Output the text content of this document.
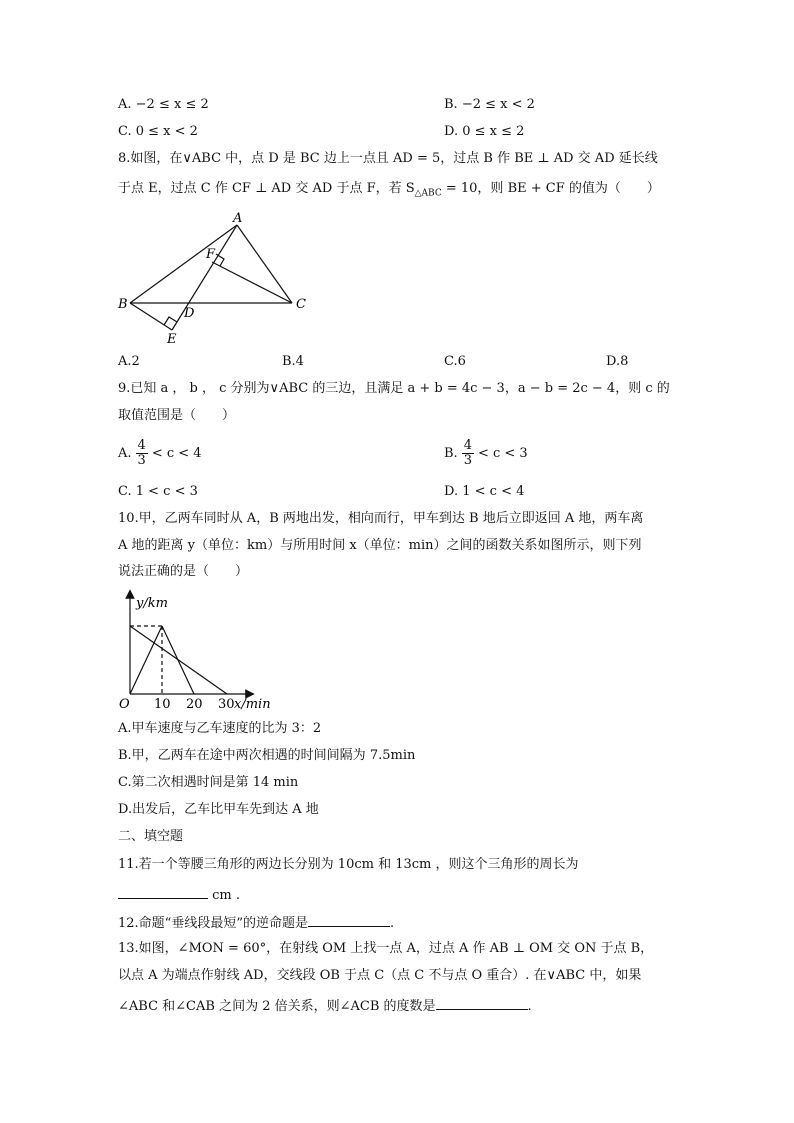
A. −2 ≤ x ≤ 2	B. −2 ≤ x < 2
C. 0 ≤ x < 2	D. 0 ≤ x ≤ 2
8.如图，在∨ABC 中，点 D 是 BC 边上一点且 AD = 5，过点 B 作 BE ⊥ AD 交 AD 延长线
于点 E，过点 C 作 CF ⊥ AD 交 AD 于点 F，若 $S_{\triangle ABC} = 10$，则 BE + CF 的值为（　　）
A
B	C
D
E
F
A.2	B.4	C.6	D.8
9.已知 a ， b ， c 分别为∨ABC 的三边，且满足 a + b = 4c − 3，a − b = 2c − 4，则 c 的
取值范围是（　　）
A. $\frac{4}{3} < c < 4$	B. $\frac{4}{3} < c < 3$
C. 1 < c < 3	D. 1 < c < 4
10.甲，乙两车同时从 A，B 两地出发，相向而行，甲车到达 B 地后立即返回 A 地，两车离
A 地的距离 y（单位：km）与所用时间 x（单位：min）之间的函数关系如图所示，则下列
说法正确的是（　　）
y/km
O 10 20 30 x/min
A.甲车速度与乙车速度的比为 3：2
B.甲，乙两车在途中两次相遇的时间间隔为 7.5min
C.第二次相遇时间是第 14 min
D.出发后，乙车比甲车先到达 A 地
二、填空题
11.若一个等腰三角形的两边长分别为 10cm 和 13cm ，则这个三角形的周长为
cm .
12.命题“垂线段最短”的逆命题是	.
13.如图，∠MON = 60°，在射线 OM 上找一点 A，过点 A 作 AB ⊥ OM 交 ON 于点 B，
以点 A 为端点作射线 AD，交线段 OB 于点 C（点 C 不与点 O 重合）. 在∨ABC 中，如果
∠ABC 和∠CAB 之间为 2 倍关系，则∠ACB 的度数是	.
